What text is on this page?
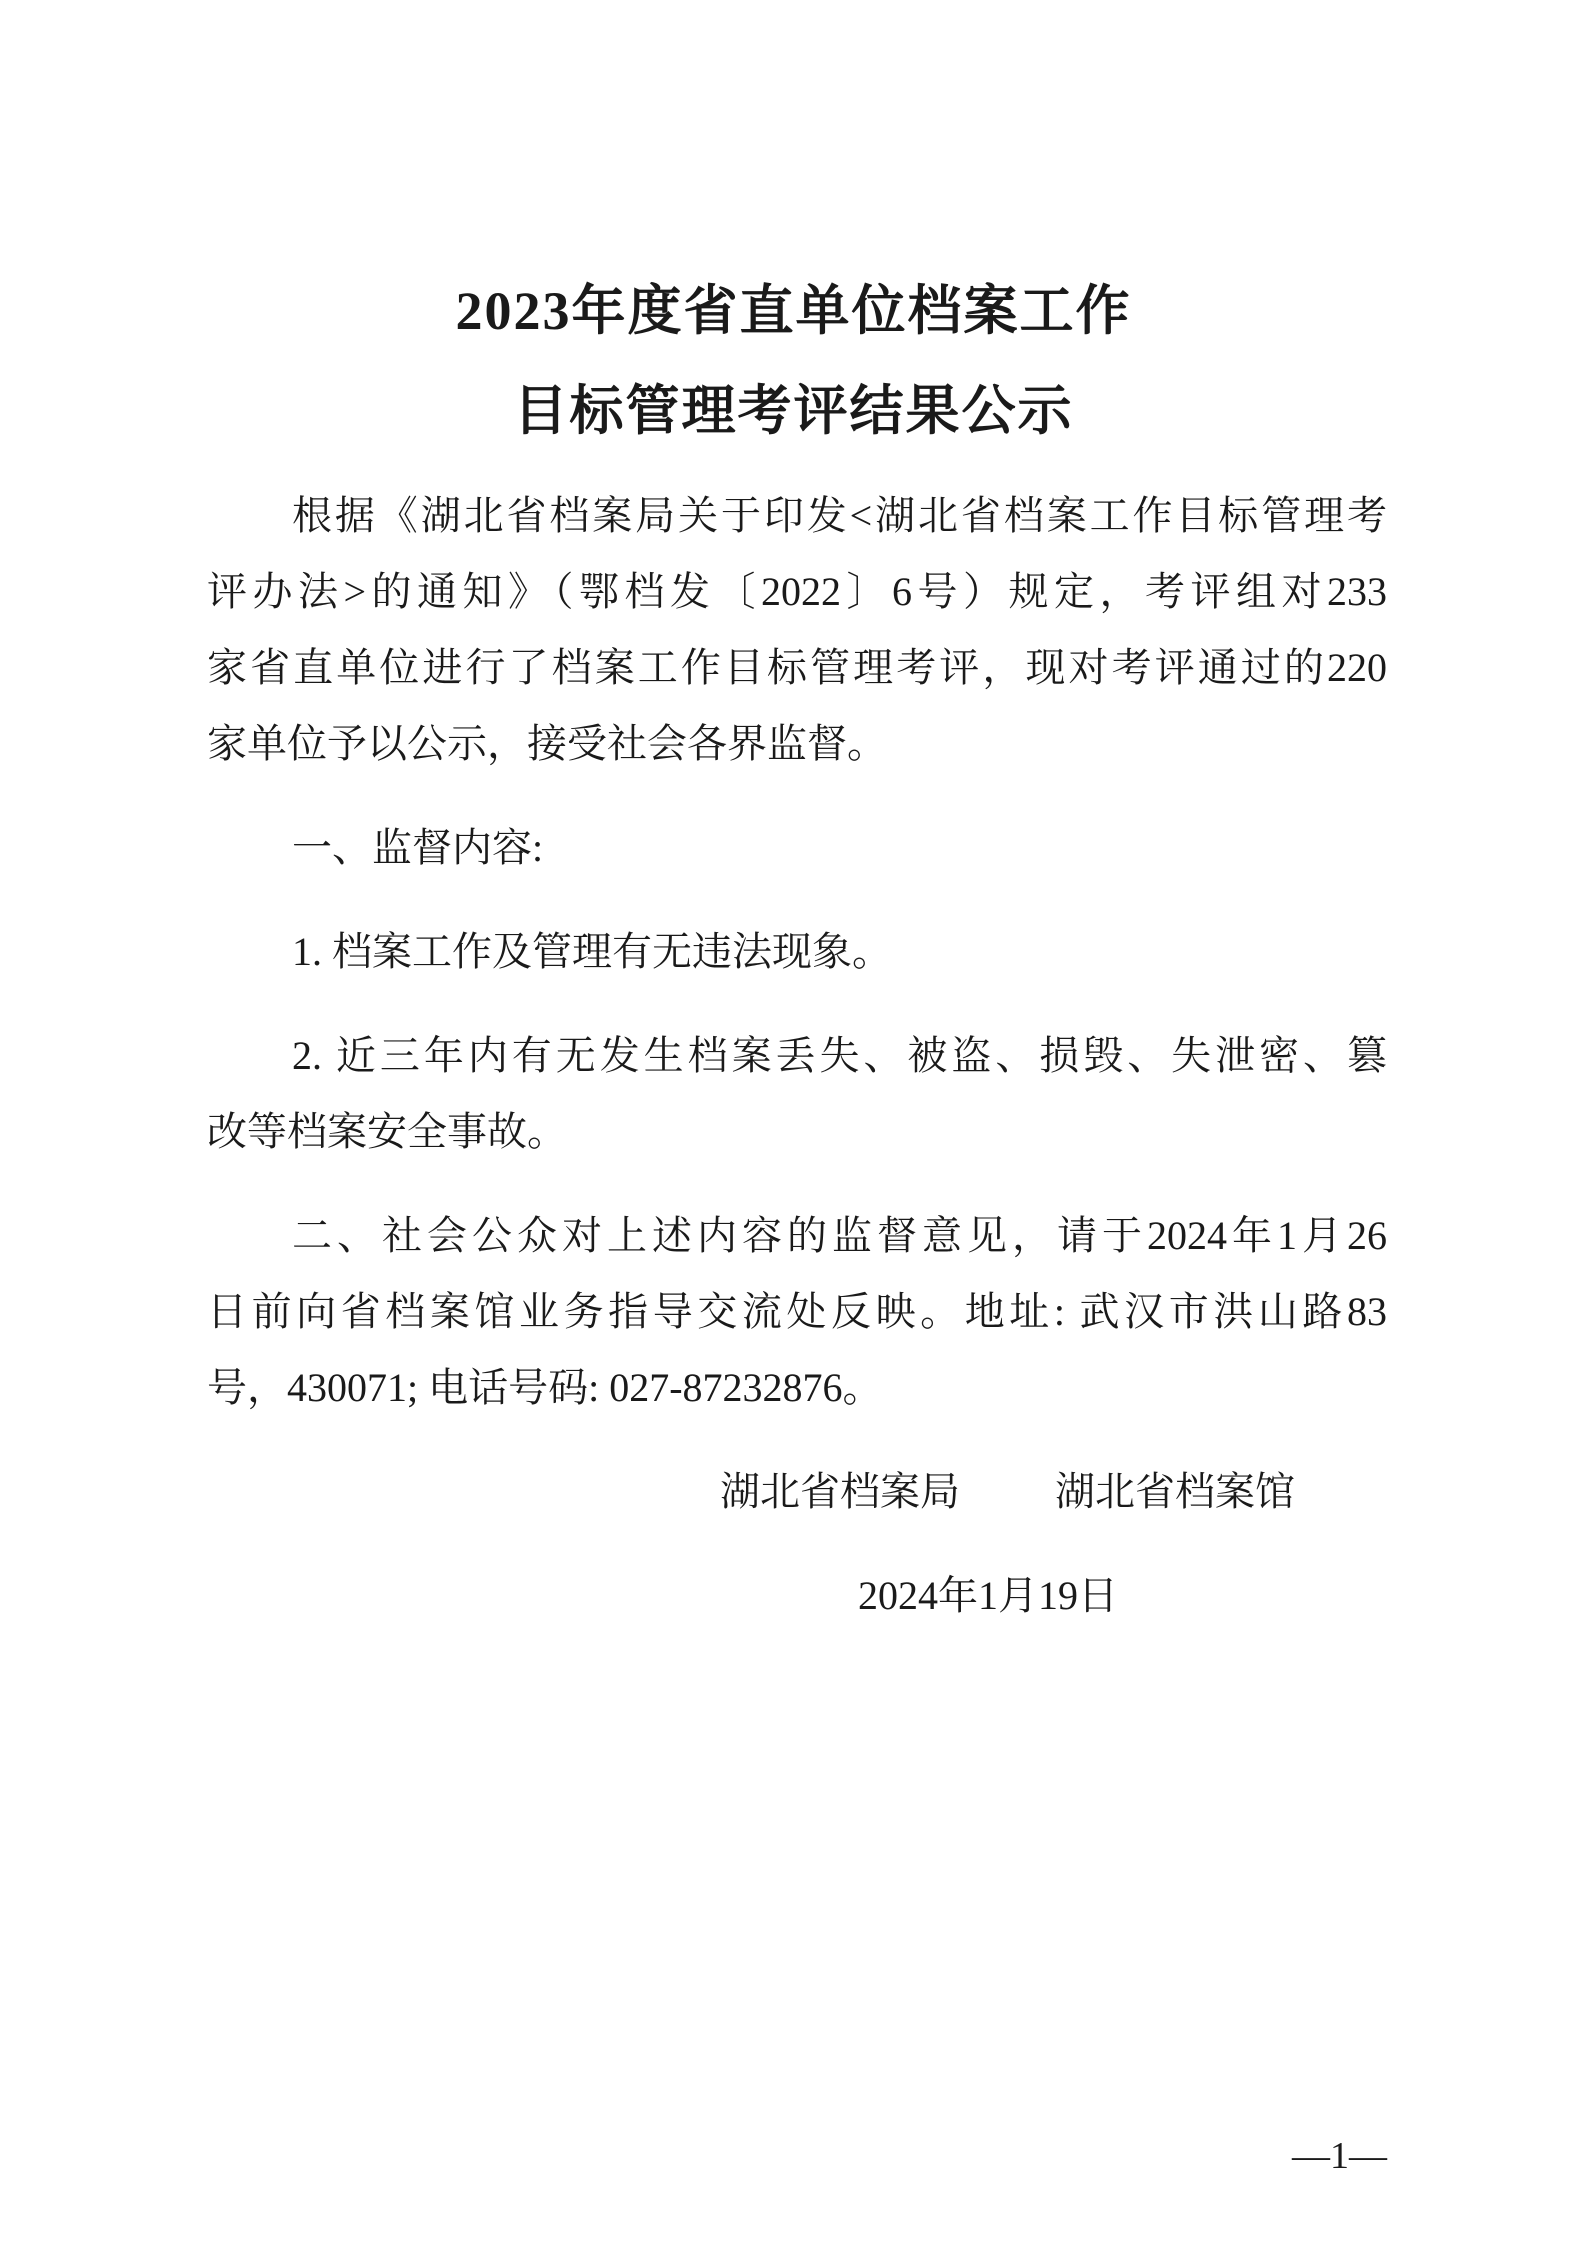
2023年度省直单位档案工作
目标管理考评结果公示
根据《湖北省档案局关于印发<湖北省档案工作目标管理考
评办法>的通知》（鄂档发〔2022〕6号）规定，考评组对233
家省直单位进行了档案工作目标管理考评，现对考评通过的220
家单位予以公示，接受社会各界监督。
一、监督内容:
1. 档案工作及管理有无违法现象。
2. 近三年内有无发生档案丢失、被盗、损毁、失泄密、篡
改等档案安全事故。
二、社会公众对上述内容的监督意见，请于2024年1月26
日前向省档案馆业务指导交流处反映。地址: 武汉市洪山路83
号，430071; 电话号码: 027-87232876。
湖北省档案局 湖北省档案馆
2024年1月19日
—1—
